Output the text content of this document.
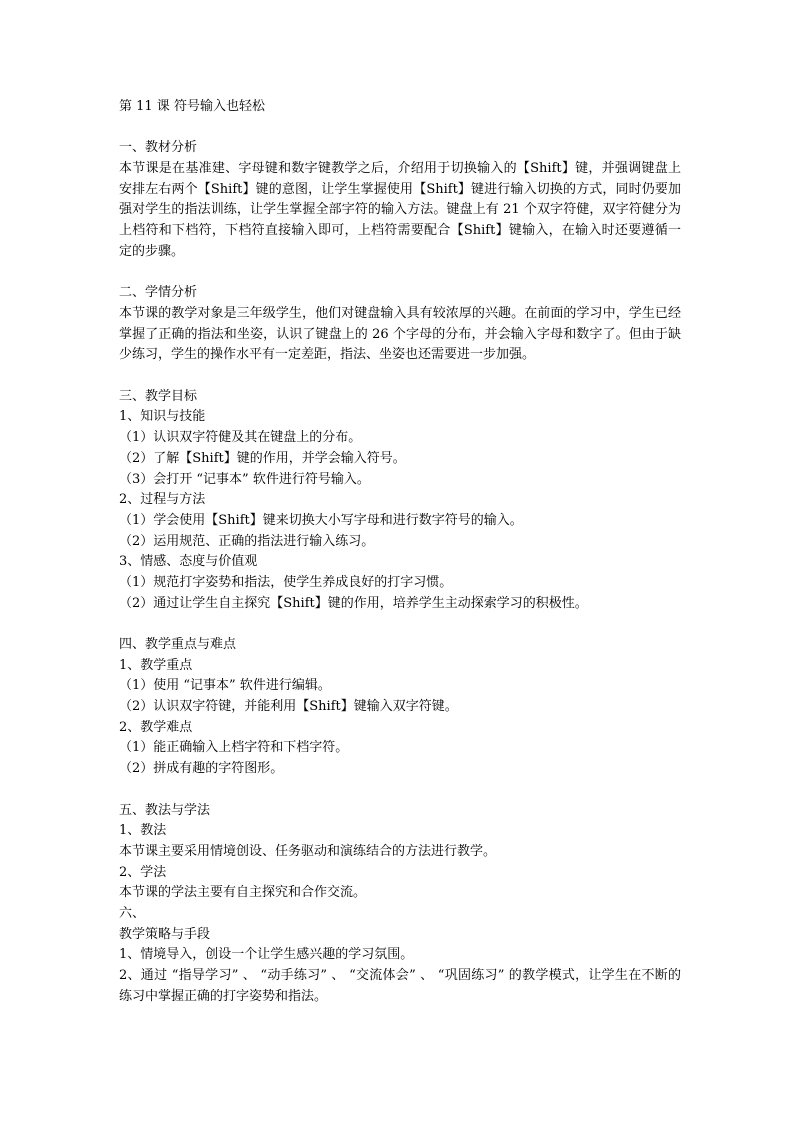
第 11 课 符号输入也轻松
一、教材分析

本节课是在基准建、字母键和数字键教学之后，介绍用于切换输入的【Shift】键，并强调键盘上安排左右两个【Shift】键的意图，让学生掌握使用【Shift】键进行输入切换的方式，同时仍要加强对学生的指法训练，让学生掌握全部字符的输入方法。键盘上有 21 个双字符健，双字符健分为上档符和下档符，下档符直接输入即可，上档符需要配合【Shift】键输入，在输入时还要遵循一定的步骤。

二、学情分析

本节课的教学对象是三年级学生，他们对键盘输入具有较浓厚的兴趣。在前面的学习中，学生已经掌握了正确的指法和坐姿，认识了键盘上的 26 个字母的分布，并会输入字母和数字了。但由于缺少练习，学生的操作水平有一定差距，指法、坐姿也还需要进一步加强。

三、教学目标
1、知识与技能
（1）认识双字符健及其在键盘上的分布。
（2）了解【Shift】键的作用，并学会输入符号。
（3）会打开 “记事本” 软件进行符号输入。
2、过程与方法
（1）学会使用【Shift】键来切换大小写字母和进行数字符号的输入。
（2）运用规范、正确的指法进行输入练习。
3、情感、态度与价值观
（1）规范打字姿势和指法，使学生养成良好的打字习惯。
（2）通过让学生自主探究【Shift】键的作用，培养学生主动探索学习的积极性。
四、教学重点与难点
1、教学重点
（1）使用 “记事本” 软件进行编辑。
（2）认识双字符键，并能利用【Shift】键输入双字符键。
2、教学难点
（1）能正确输入上档字符和下档字符。
（2）拼成有趣的字符图形。
五、教法与学法
1、教法
本节课主要采用情境创设、任务驱动和演练结合的方法进行教学。
2、学法
本节课的学法主要有自主探究和合作交流。
六、
教学策略与手段
1、情境导入，创设一个让学生感兴趣的学习氛围。

2、通过 “指导学习” 、 “动手练习” 、 “交流体会” 、 “巩固练习” 的教学模式，让学生在不断的练习中掌握正确的打字姿势和指法。
